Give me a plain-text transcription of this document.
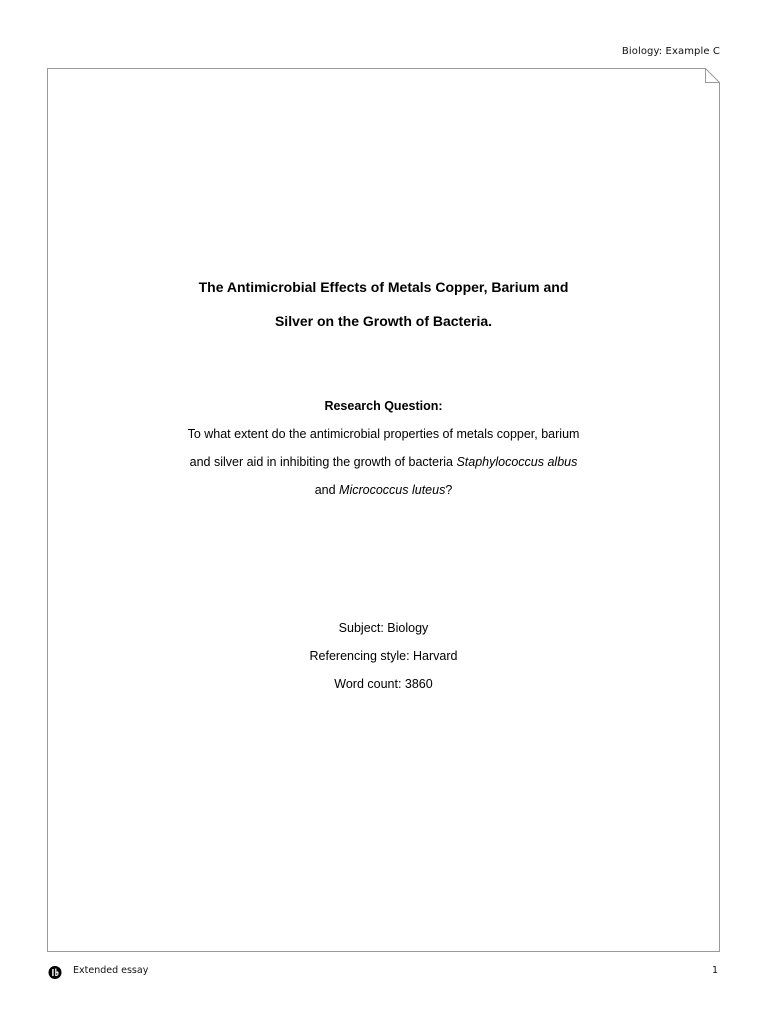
Biology: Example C
The Antimicrobial Effects of Metals Copper, Barium and
Silver on the Growth of Bacteria.
Research Question:
To what extent do the antimicrobial properties of metals copper, barium
and silver aid in inhibiting the growth of bacteria Staphylococcus albus
and Micrococcus luteus?
Subject: Biology
Referencing style: Harvard
Word count: 3860
Extended essay	1
